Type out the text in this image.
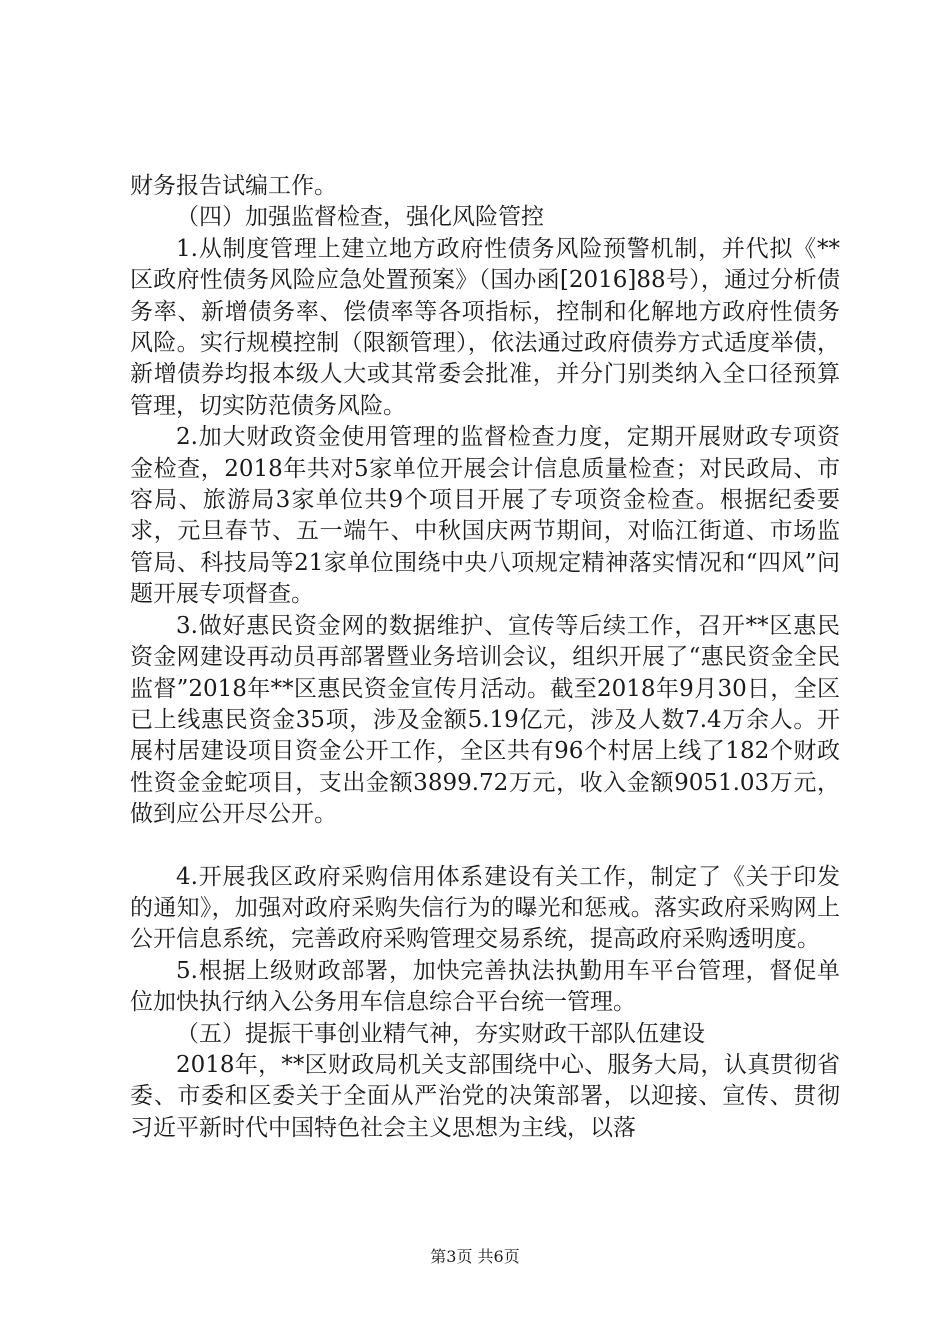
财务报告试编工作。

（四）加强监督检查，强化风险管控

1.从制度管理上建立地方政府性债务风险预警机制，并代拟《**区政府性债务风险应急处置预案》（国办函[2016]88号），通过分析债务率、新增债务率、偿债率等各项指标，控制和化解地方政府性债务风险。实行规模控制（限额管理），依法通过政府债券方式适度举债，新增债券均报本级人大或其常委会批准，并分门别类纳入全口径预算管理，切实防范债务风险。

2.加大财政资金使用管理的监督检查力度，定期开展财政专项资金检查，2018年共对5家单位开展会计信息质量检查；对民政局、市容局、旅游局3家单位共9个项目开展了专项资金检查。根据纪委要求，元旦春节、五一端午、中秋国庆两节期间，对临江街道、市场监管局、科技局等21家单位围绕中央八项规定精神落实情况和“四风”问题开展专项督查。

3.做好惠民资金网的数据维护、宣传等后续工作，召开**区惠民资金网建设再动员再部署暨业务培训会议，组织开展了“惠民资金全民监督”2018年**区惠民资金宣传月活动。截至2018年9月30日，全区已上线惠民资金35项，涉及金额5.19亿元，涉及人数7.4万余人。开展村居建设项目资金公开工作，全区共有96个村居上线了182个财政性资金金蛇项目，支出金额3899.72万元，收入金额9051.03万元，做到应公开尽公开。

4.开展我区政府采购信用体系建设有关工作，制定了《关于印发的通知》，加强对政府采购失信行为的曝光和惩戒。落实政府采购网上公开信息系统，完善政府采购管理交易系统，提高政府采购透明度。

5.根据上级财政部署，加快完善执法执勤用车平台管理，督促单位加快执行纳入公务用车信息综合平台统一管理。

（五）提振干事创业精气神，夯实财政干部队伍建设

2018年，**区财政局机关支部围绕中心、服务大局，认真贯彻省委、市委和区委关于全面从严治党的决策部署，以迎接、宣传、贯彻习近平新时代中国特色社会主义思想为主线，以落

第3页 共6页
